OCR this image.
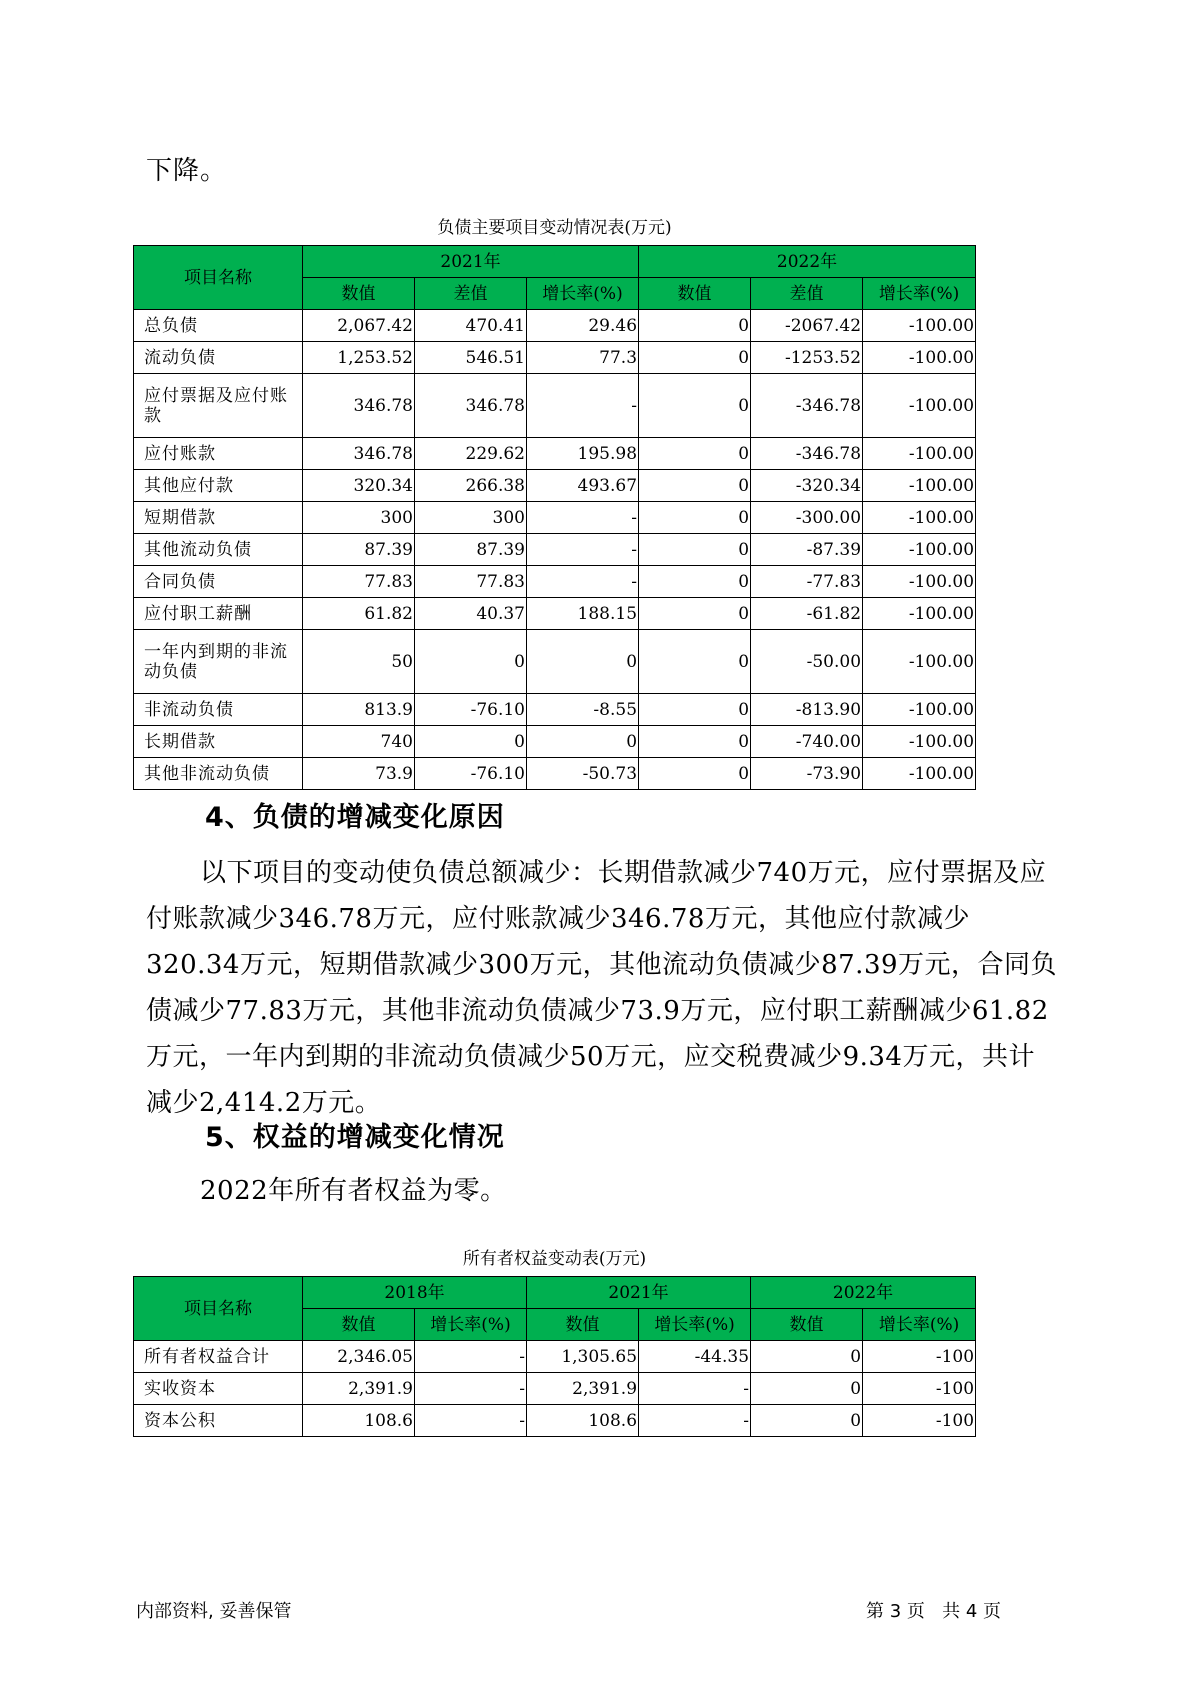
下降。
负债主要项目变动情况表(万元)
项目名称	2021年			2022年		
	数值	差值	增长率(%)	数值	差值	增长率(%)
总负债	2,067.42	470.41	29.46	0	-2067.42	-100.00
流动负债	1,253.52	546.51	77.3	0	-1253.52	-100.00
应付票据及应付账款	346.78	346.78	-	0	-346.78	-100.00
应付账款	346.78	229.62	195.98	0	-346.78	-100.00
其他应付款	320.34	266.38	493.67	0	-320.34	-100.00
短期借款	300	300	-	0	-300.00	-100.00
其他流动负债	87.39	87.39	-	0	-87.39	-100.00
合同负债	77.83	77.83	-	0	-77.83	-100.00
应付职工薪酬	61.82	40.37	188.15	0	-61.82	-100.00
一年内到期的非流动负债	50	0	0	0	-50.00	-100.00
非流动负债	813.9	-76.10	-8.55	0	-813.90	-100.00
长期借款	740	0	0	0	-740.00	-100.00
其他非流动负债	73.9	-76.10	-50.73	0	-73.90	-100.00
4、负债的增减变化原因
以下项目的变动使负债总额减少：长期借款减少740万元，应付票据及应付账款减少346.78万元，应付账款减少346.78万元，其他应付款减少320.34万元，短期借款减少300万元，其他流动负债减少87.39万元，合同负债减少77.83万元，其他非流动负债减少73.9万元，应付职工薪酬减少61.82万元，一年内到期的非流动负债减少50万元，应交税费减少9.34万元，共计减少2,414.2万元。
5、权益的增减变化情况
2022年所有者权益为零。
所有者权益变动表(万元)
项目名称	2018年		2021年		2022年	
	数值	增长率(%)	数值	增长率(%)	数值	增长率(%)
所有者权益合计	2,346.05	-	1,305.65	-44.35	0	-100
实收资本	2,391.9	-	2,391.9	-	0	-100
资本公积	108.6	-	108.6	-	0	-100
内部资料, 妥善保管	第 3 页   共 4 页
